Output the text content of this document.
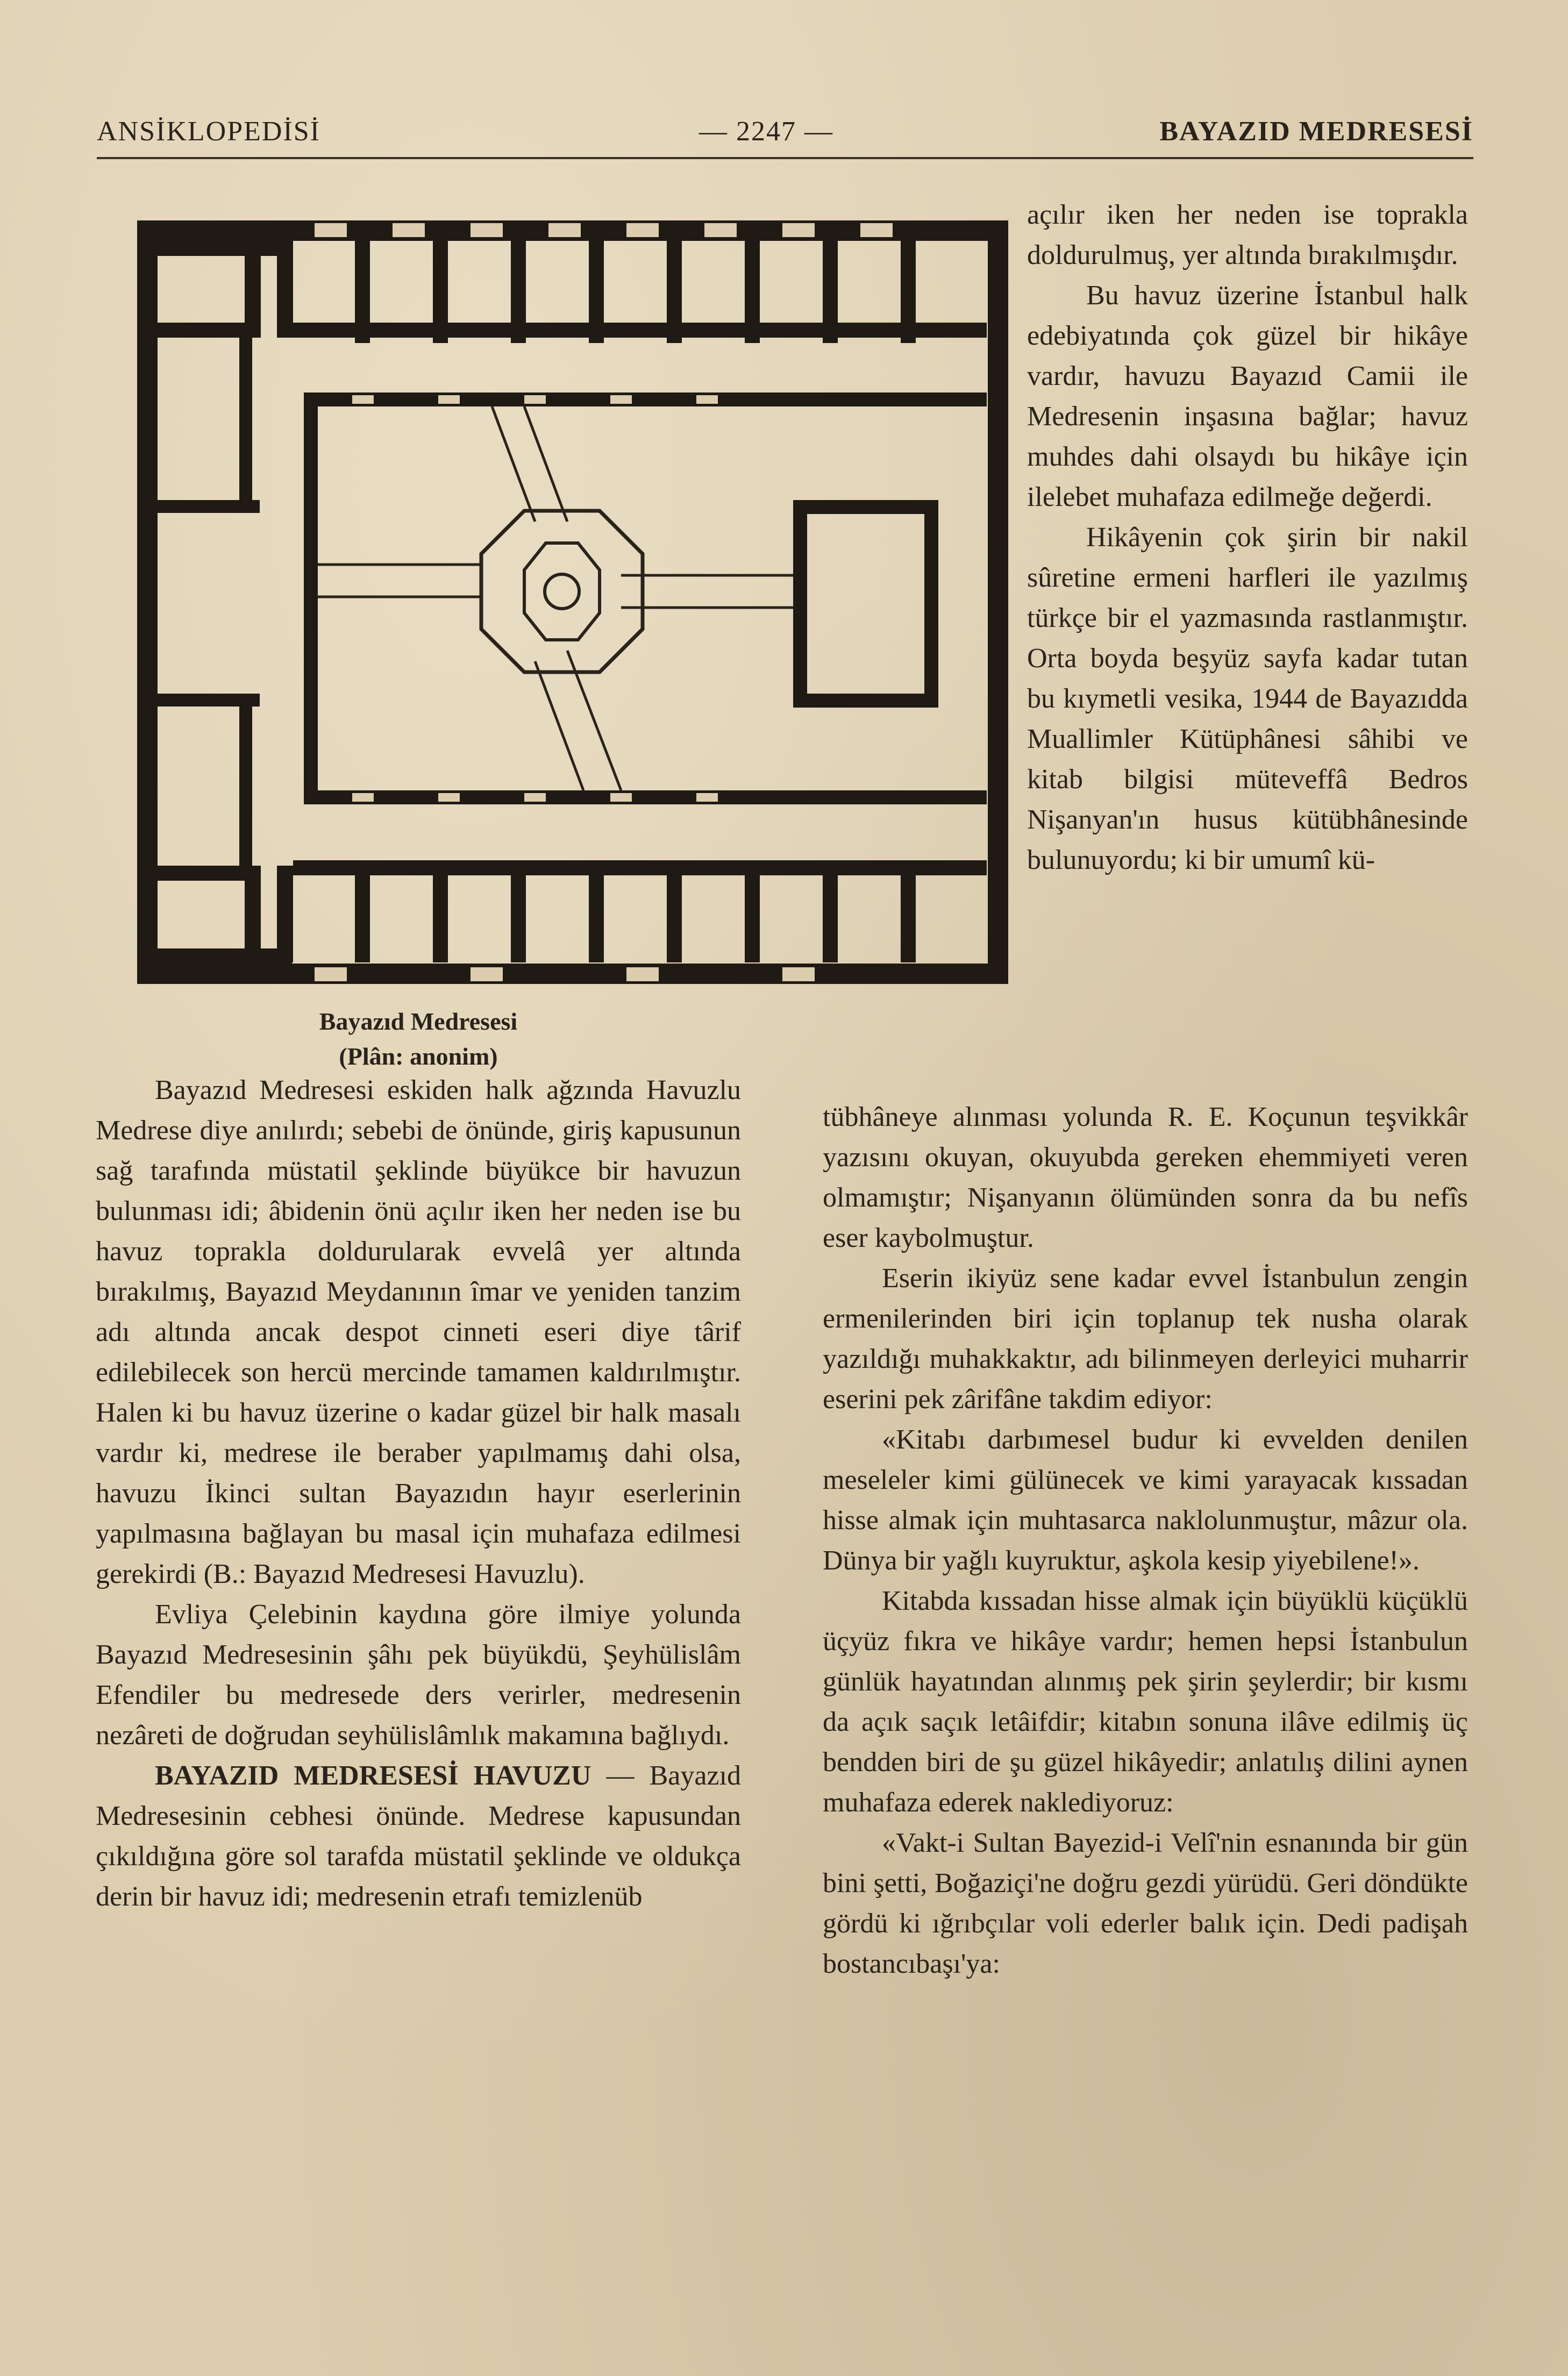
ANSİKLOPEDİSİ	— 2247 —	BAYAZID MEDRESESİ
Bayazıd Medresesi
(Plân: anonim)

açılır iken her neden ise toprakla doldurulmuş, yer altında bırakılmışdır.

Bu havuz üzerine İstanbul halk edebiyatında çok güzel bir hikâye vardır, havuzu Bayazıd Camii ile Medresenin inşasına bağlar; havuz muhdes dahi olsaydı bu hikâye için ilelebet muhafaza edilmeğe değerdi.

Hikâyenin çok şirin bir nakil sûretine ermeni harfleri ile yazılmış türkçe bir el yazmasında rastlanmıştır. Orta boyda beşyüz sayfa kadar tutan bu kıymetli vesika, 1944 de Bayazıdda Muallimler Kütüphânesi sâhibi ve kitab bilgisi müteveffâ Bedros Nişanyan'ın husus kütübhânesinde bulunuyordu; ki bir umumî kü-

Bayazıd Medresesi eskiden halk ağzında Havuzlu Medrese diye anılırdı; sebebi de önünde, giriş kapusunun sağ tarafında müstatil şeklinde büyükce bir havuzun bulunması idi; âbidenin önü açılır iken her neden ise bu havuz toprakla doldurularak evvelâ yer altında bırakılmış, Bayazıd Meydanının îmar ve yeniden tanzim adı altında ancak despot cinneti eseri diye târif edilebilecek son hercü mercinde tamamen kaldırılmıştır. Halen ki bu havuz üzerine o kadar güzel bir halk masalı vardır ki, medrese ile beraber yapılmamış dahi olsa, havuzu İkinci sultan Bayazıdın hayır eserlerinin yapılmasına bağlayan bu masal için muhafaza edilmesi gerekirdi (B.: Bayazıd Medresesi Havuzlu).

Evliya Çelebinin kaydına göre ilmiye yolunda Bayazıd Medresesinin şâhı pek büyükdü, Şeyhülislâm Efendiler bu medresede ders verirler, medresenin nezâreti de doğrudan seyhülislâmlık makamına bağlıydı.

BAYAZID MEDRESESİ HAVUZU — Bayazıd Medresesinin cebhesi önünde. Medrese kapusundan çıkıldığına göre sol tarafda müstatil şeklinde ve oldukça derin bir havuz idi; medresenin etrafı temizlenüb

tübhâneye alınması yolunda R. E. Koçunun teşvikkâr yazısını okuyan, okuyubda gereken ehemmiyeti veren olmamıştır; Nişanyanın ölümünden sonra da bu nefîs eser kaybolmuştur.

Eserin ikiyüz sene kadar evvel İstanbulun zengin ermenilerinden biri için toplanup tek nusha olarak yazıldığı muhakkaktır, adı bilinmeyen derleyici muharrir eserini pek zârifâne takdim ediyor:

«Kitabı darbımesel budur ki evvelden denilen meseleler kimi gülünecek ve kimi yarayacak kıssadan hisse almak için muhtasarca naklolunmuştur, mâzur ola. Dünya bir yağlı kuyruktur, aşkola kesip yiyebilene!».

Kitabda kıssadan hisse almak için büyüklü küçüklü üçyüz fıkra ve hikâye vardır; hemen hepsi İstanbulun günlük hayatından alınmış pek şirin şeylerdir; bir kısmı da açık saçık letâifdir; kitabın sonuna ilâve edilmiş üç bendden biri de şu güzel hikâyedir; anlatılış dilini aynen muhafaza ederek naklediyoruz:

«Vakt-i Sultan Bayezid-i Velî'nin esnanında bir gün bini şetti, Boğaziçi'ne doğru gezdi yürüdü. Geri döndükte gördü ki ığrıbçılar voli ederler balık için. Dedi padişah bostancıbaşı'ya:
